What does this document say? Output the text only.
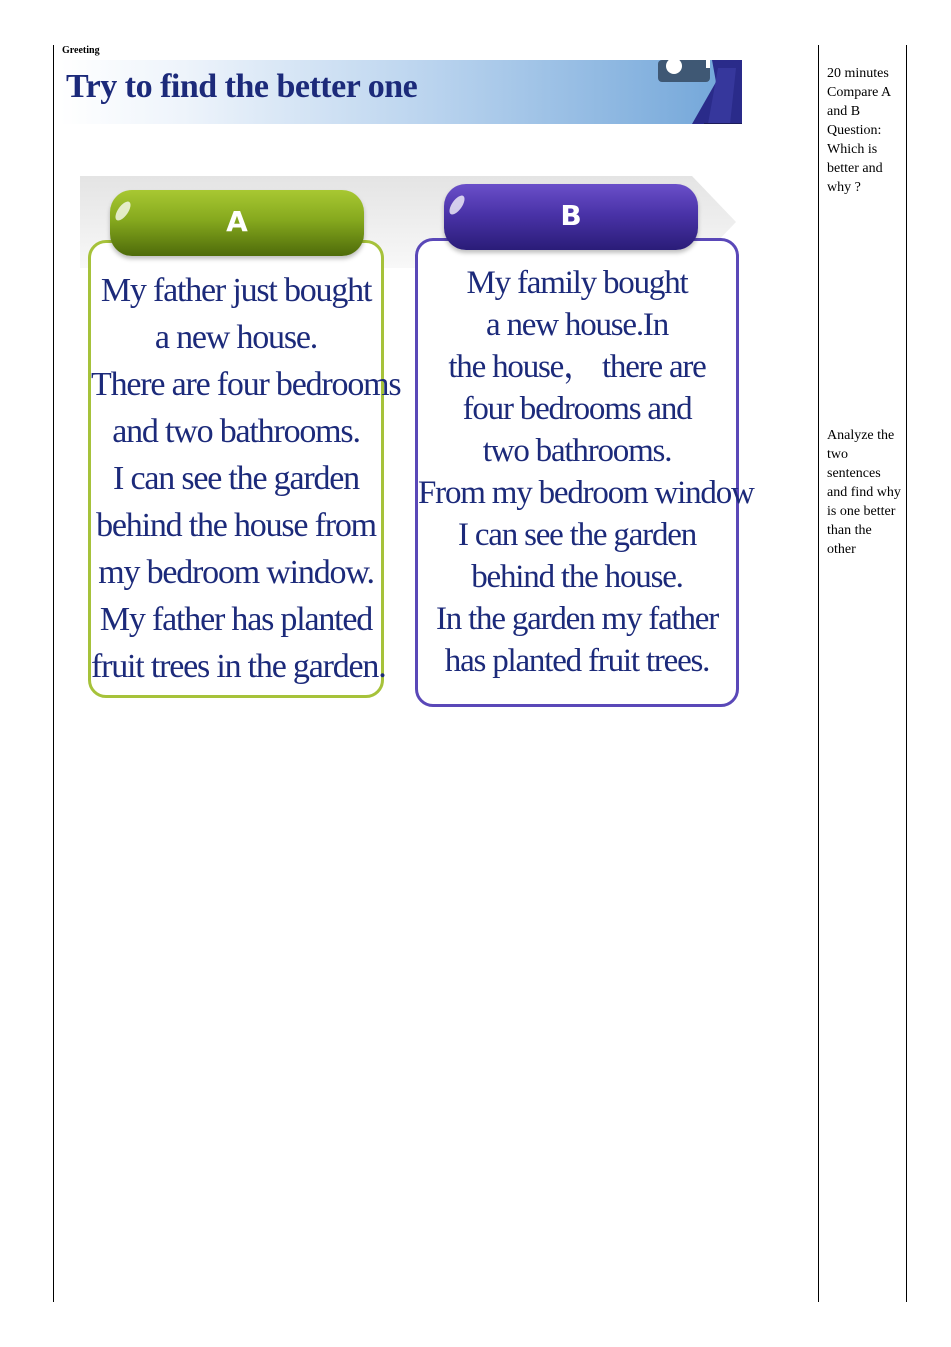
Greeting
Try to find the better one

My father just bought
a new house.
There are four bedrooms
and two bathrooms.
I can see the garden
behind the house from
my bedroom window.
My father has planted
fruit trees in the garden.

My family bought
a new house.In
the house， there are
four bedrooms and
two bathrooms.
From my bedroom window
I can see the garden
behind the house.
In the garden my father
has planted fruit trees.

A	B
20 minutes Compare A and B Question: Which is better and why ?
Analyze the two sentences and find why is one better than the other
